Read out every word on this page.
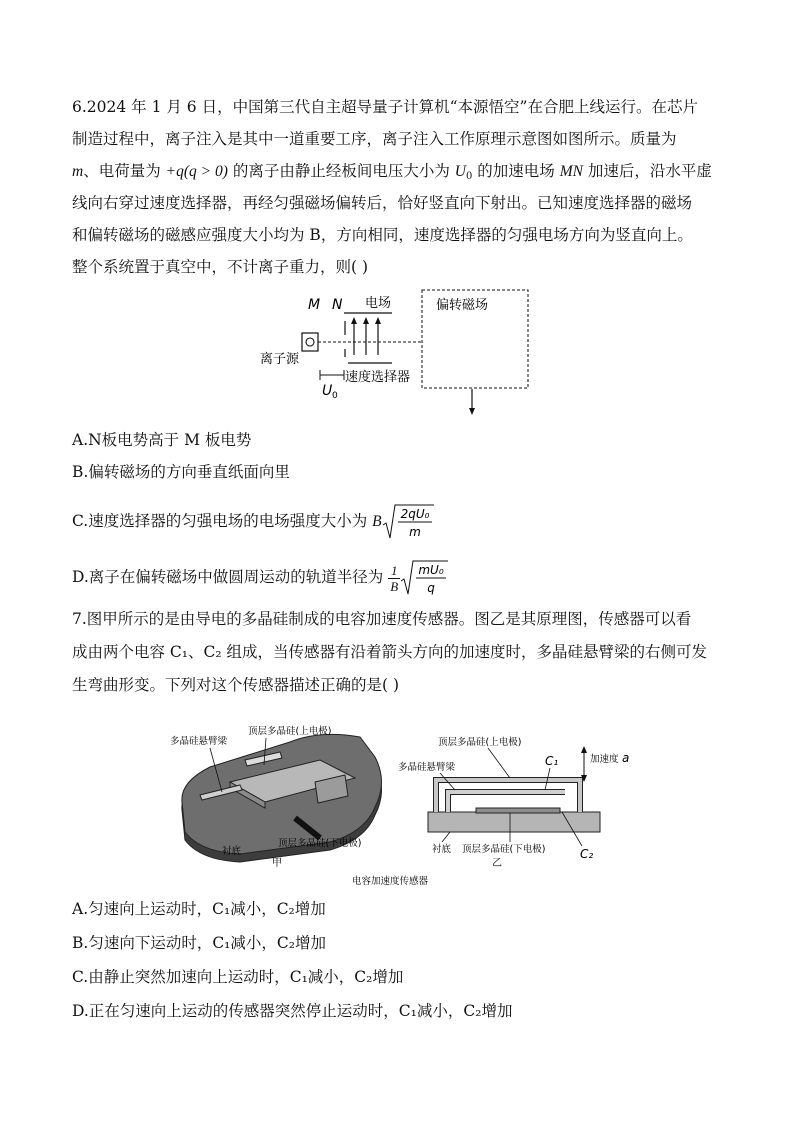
6.2024 年 1 月 6 日，中国第三代自主超导量子计算机“本源悟空”在合肥上线运行。在芯片
制造过程中，离子注入是其中一道重要工序，离子注入工作原理示意图如图所示。质量为
m、电荷量为 +q(q > 0) 的离子由静止经板间电压大小为 $U_0$ 的加速电场 MN 加速后，沿水平虚
线向右穿过速度选择器，再经匀强磁场偏转后，恰好竖直向下射出。已知速度选择器的磁场
和偏转磁场的磁感应强度大小均为 B，方向相同，速度选择器的匀强电场方向为竖直向上。
整个系统置于真空中，不计离子重力，则( )
M N 电场
离子源
U 0
速度选择器
偏转磁场
A.N板电势高于 M 板电势
B.偏转磁场的方向垂直纸面向里
C.速度选择器的匀强电场的电场强度大小为 B 2qU₀
m
D.离子在偏转磁场中做圆周运动的轨道半径为 $\frac{1}{B} mU_0$
q
7.图甲所示的是由导电的多晶硅制成的电容加速度传感器。图乙是其原理图，传感器可以看
成由两个电容 C₁、C₂ 组成，当传感器有沿着箭头方向的加速度时，多晶硅悬臂梁的右侧可发
生弯曲形变。下列对这个传感器描述正确的是( )
多晶硅悬臂梁
顶层多晶硅(上电极)
顶层多晶硅(下电极)
衬底
甲
顶层多晶硅(上电极)
多晶硅悬臂梁	C₁	加速度 a
衬底 顶层多晶硅(下电极)	C₂
乙
电容加速度传感器
A.匀速向上运动时，C₁减小，C₂增加
B.匀速向下运动时，C₁减小，C₂增加
C.由静止突然加速向上运动时，C₁减小，C₂增加
D.正在匀速向上运动的传感器突然停止运动时，C₁减小，C₂增加
